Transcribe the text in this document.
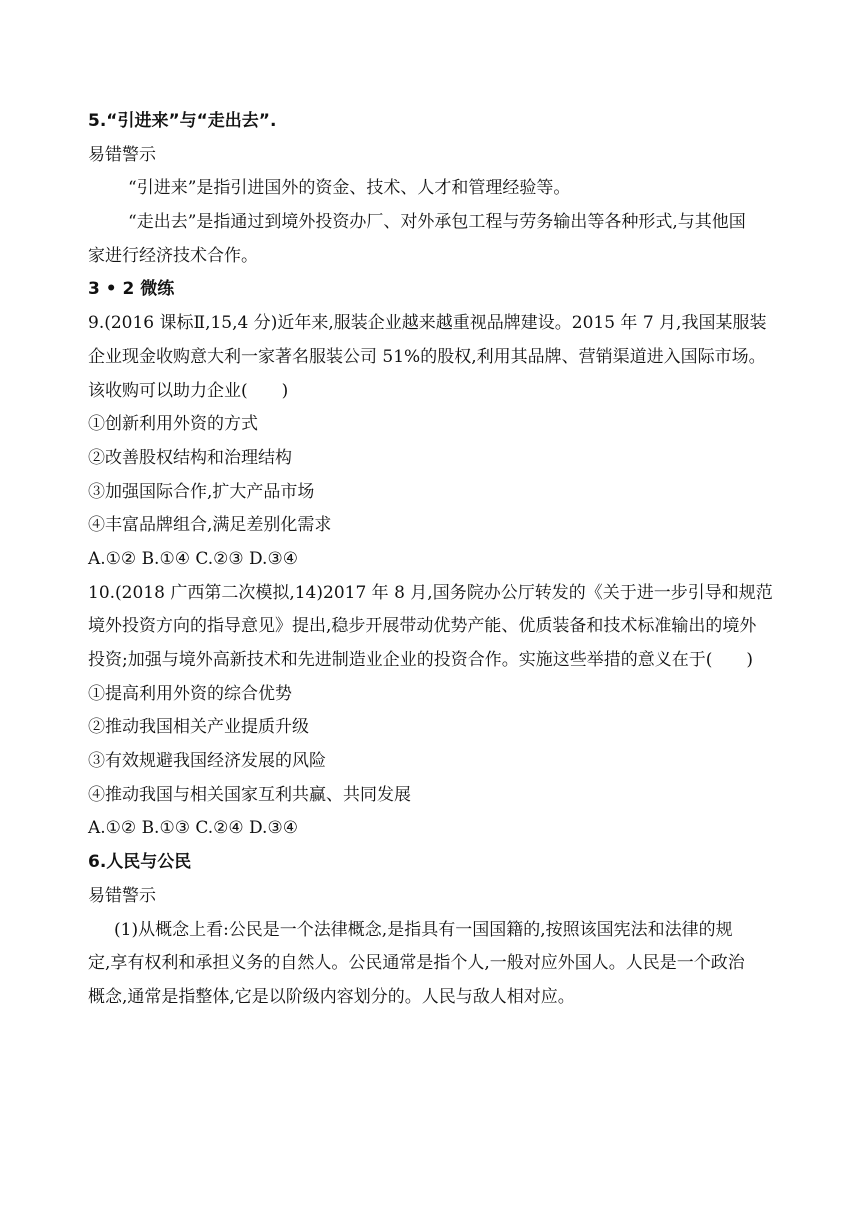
5.“引进来”与“走出去”.
易错警示
“引进来”是指引进国外的资金、技术、人才和管理经验等。
“走出去”是指通过到境外投资办厂、对外承包工程与劳务输出等各种形式,与其他国
家进行经济技术合作。
3 • 2 微练
9.(2016 课标Ⅱ,15,4 分)近年来,服装企业越来越重视品牌建设。2015 年 7 月,我国某服装
企业现金收购意大利一家著名服装公司 51%的股权,利用其品牌、营销渠道进入国际市场。
该收购可以助力企业(　　)
①创新利用外资的方式
②改善股权结构和治理结构
③加强国际合作,扩大产品市场
④丰富品牌组合,满足差别化需求
A.①② B.①④ C.②③ D.③④
10.(2018 广西第二次模拟,14)2017 年 8 月,国务院办公厅转发的《关于进一步引导和规范
境外投资方向的指导意见》提出,稳步开展带动优势产能、优质装备和技术标准输出的境外
投资;加强与境外高新技术和先进制造业企业的投资合作。实施这些举措的意义在于(　　)
①提高利用外资的综合优势
②推动我国相关产业提质升级
③有效规避我国经济发展的风险
④推动我国与相关国家互利共赢、共同发展
A.①② B.①③ C.②④ D.③④
6.人民与公民
易错警示
(1)从概念上看:公民是一个法律概念,是指具有一国国籍的,按照该国宪法和法律的规
定,享有权利和承担义务的自然人。公民通常是指个人,一般对应外国人。人民是一个政治
概念,通常是指整体,它是以阶级内容划分的。人民与敌人相对应。
